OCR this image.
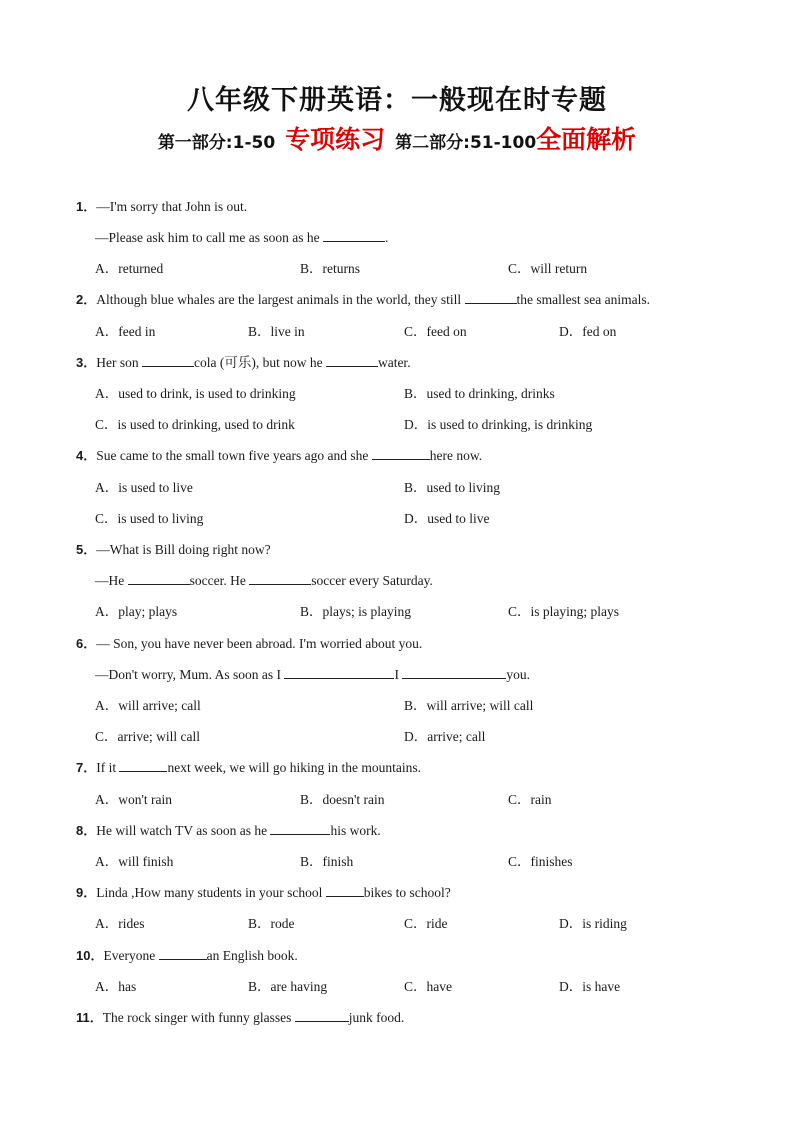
八年级下册英语：一般现在时专题
第一部分:1-50 专项练习 第二部分:51-100全面解析
1．—I'm sorry that John is out.
—Please ask him to call me as soon as he	.
A．returned	B．returns	C．will return
2．Although blue whales are the largest animals in the world, they still	the smallest sea animals.
A．feed in	B．live in	C．feed on	D．fed on
3．Her son	cola (可乐), but now he	water.
A．used to drink, is used to drinking	B．used to drinking, drinks
C．is used to drinking, used to drink	D．is used to drinking, is drinking
4．Sue came to the small town five years ago and she	here now.
A．is used to live	B．used to living
C．is used to living	D．used to live
5．—What is Bill doing right now?
—He	soccer. He	soccer every Saturday.
A．play; plays	B．plays; is playing	C．is playing; plays
6．— Son, you have never been abroad. I'm worried about you.
—Don't worry, Mum. As soon as I	I	you.
A．will arrive; call	B．will arrive; will call
C．arrive; will call	D．arrive; call
7．If it	next week, we will go hiking in the mountains.
A．won't rain	B．doesn't rain	C．rain
8．He will watch TV as soon as he	his work.
A．will finish	B．finish	C．finishes
9．Linda ,How many students in your school	bikes to school?
A．rides	B．rode	C．ride	D．is riding
10．Everyone	an English book.
A．has	B．are having	C．have	D．is have
11．The rock singer with funny glasses	junk food.
